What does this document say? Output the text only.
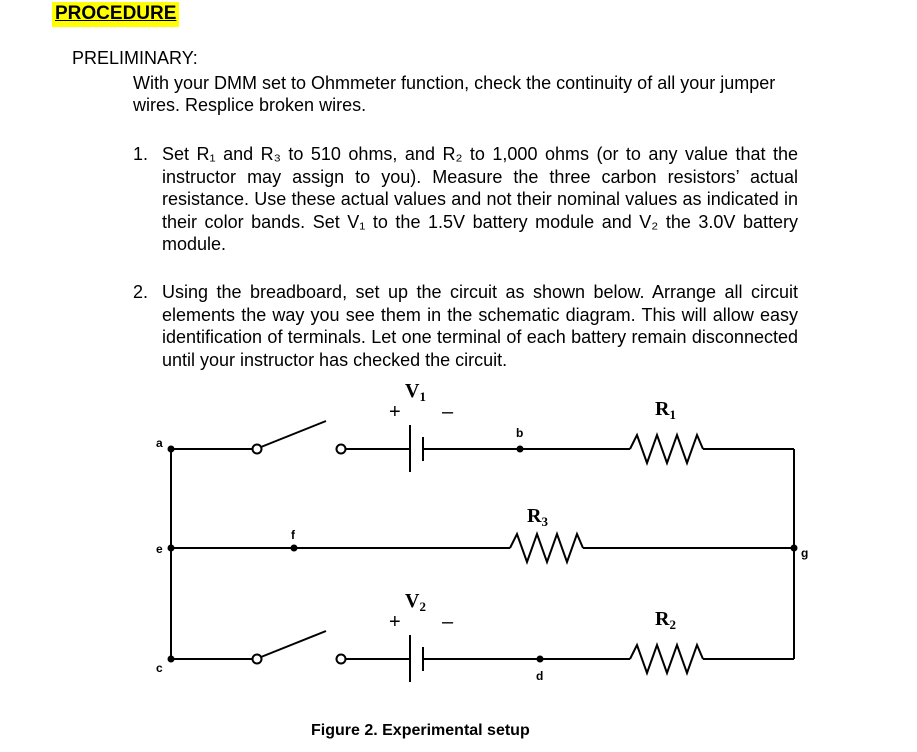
PROCEDURE
PRELIMINARY:
With your DMM set to Ohmmeter function, check the continuity of all your jumper wires. Resplice broken wires.
1. Set R₁ and R₃ to 510 ohms, and R₂ to 1,000 ohms (or to any value that the instructor may assign to you). Measure the three carbon resistors’ actual resistance. Use these actual values and not their nominal values as indicated in their color bands. Set V₁ to the 1.5V battery module and V₂ the 3.0V battery module.
2. Using the breadboard, set up the circuit as shown below. Arrange all circuit elements the way you see them in the schematic diagram. This will allow easy identification of terminals. Let one terminal of each battery remain disconnected until your instructor has checked the circuit.
$V_1$
$R_1$
$R_3$
$V_2$
$R_2$
+ –
+ –
a
b
c
d
e
f
g
Figure 2. Experimental setup
